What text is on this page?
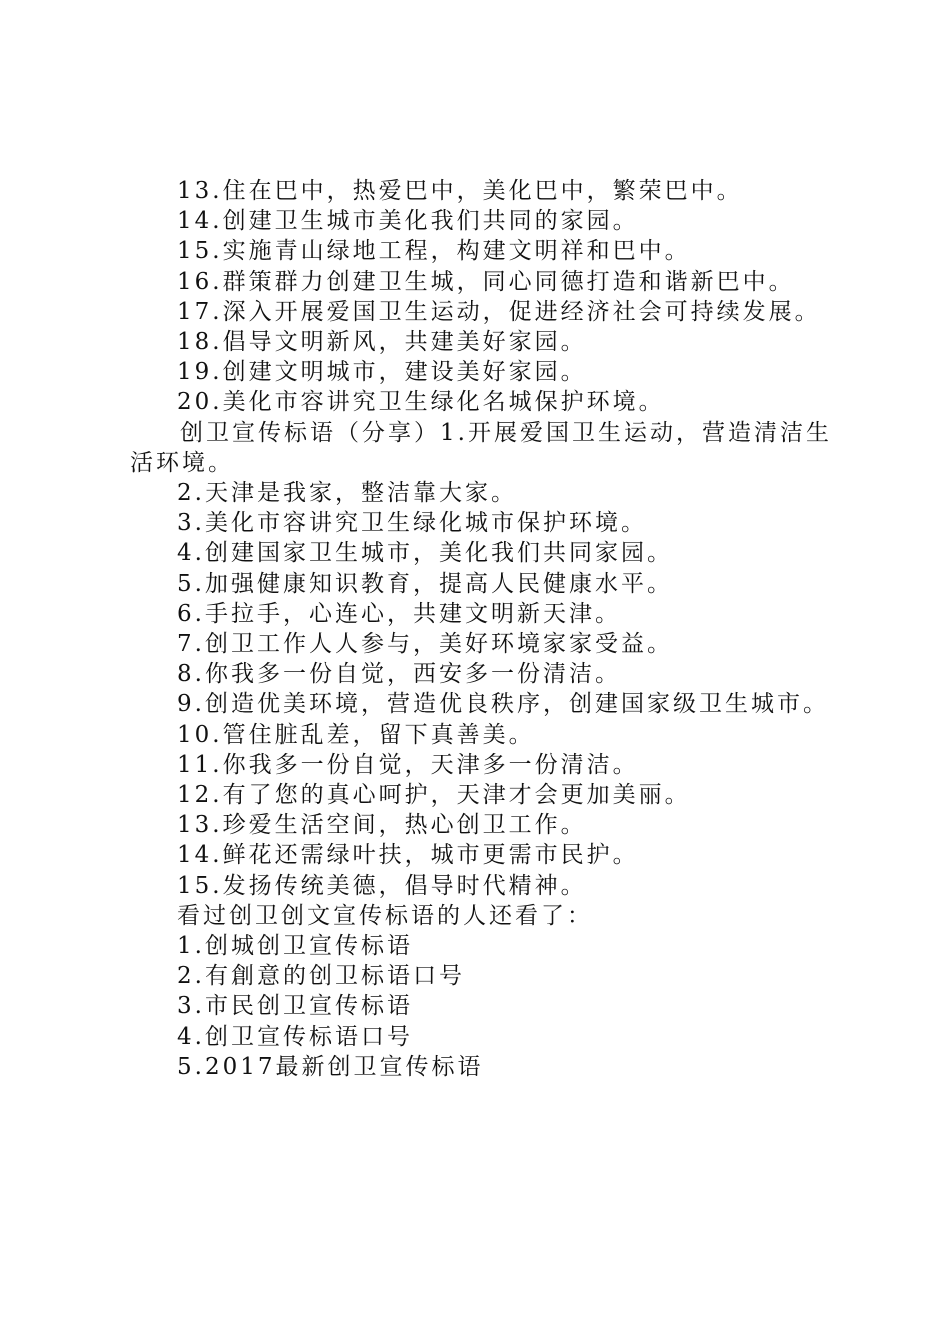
13.住在巴中，热爱巴中，美化巴中，繁荣巴中。
14.创建卫生城市美化我们共同的家园。
15.实施青山绿地工程，构建文明祥和巴中。
16.群策群力创建卫生城，同心同德打造和谐新巴中。
17.深入开展爱国卫生运动，促进经济社会可持续发展。
18.倡导文明新风，共建美好家园。
19.创建文明城市，建设美好家园。
20.美化市容讲究卫生绿化名城保护环境。
创卫宣传标语（分享）1.开展爱国卫生运动，营造清洁生活环境。
2.天津是我家，整洁靠大家。
3.美化市容讲究卫生绿化城市保护环境。
4.创建国家卫生城市，美化我们共同家园。
5.加强健康知识教育，提高人民健康水平。
6.手拉手，心连心，共建文明新天津。
7.创卫工作人人参与，美好环境家家受益。
8.你我多一份自觉，西安多一份清洁。
9.创造优美环境，营造优良秩序，创建国家级卫生城市。
10.管住脏乱差，留下真善美。
11.你我多一份自觉，天津多一份清洁。
12.有了您的真心呵护，天津才会更加美丽。
13.珍爱生活空间，热心创卫工作。
14.鲜花还需绿叶扶，城市更需市民护。
15.发扬传统美德，倡导时代精神。
看过创卫创文宣传标语的人还看了：
1.创城创卫宣传标语
2.有創意的创卫标语口号
3.市民创卫宣传标语
4.创卫宣传标语口号
5.2017最新创卫宣传标语
